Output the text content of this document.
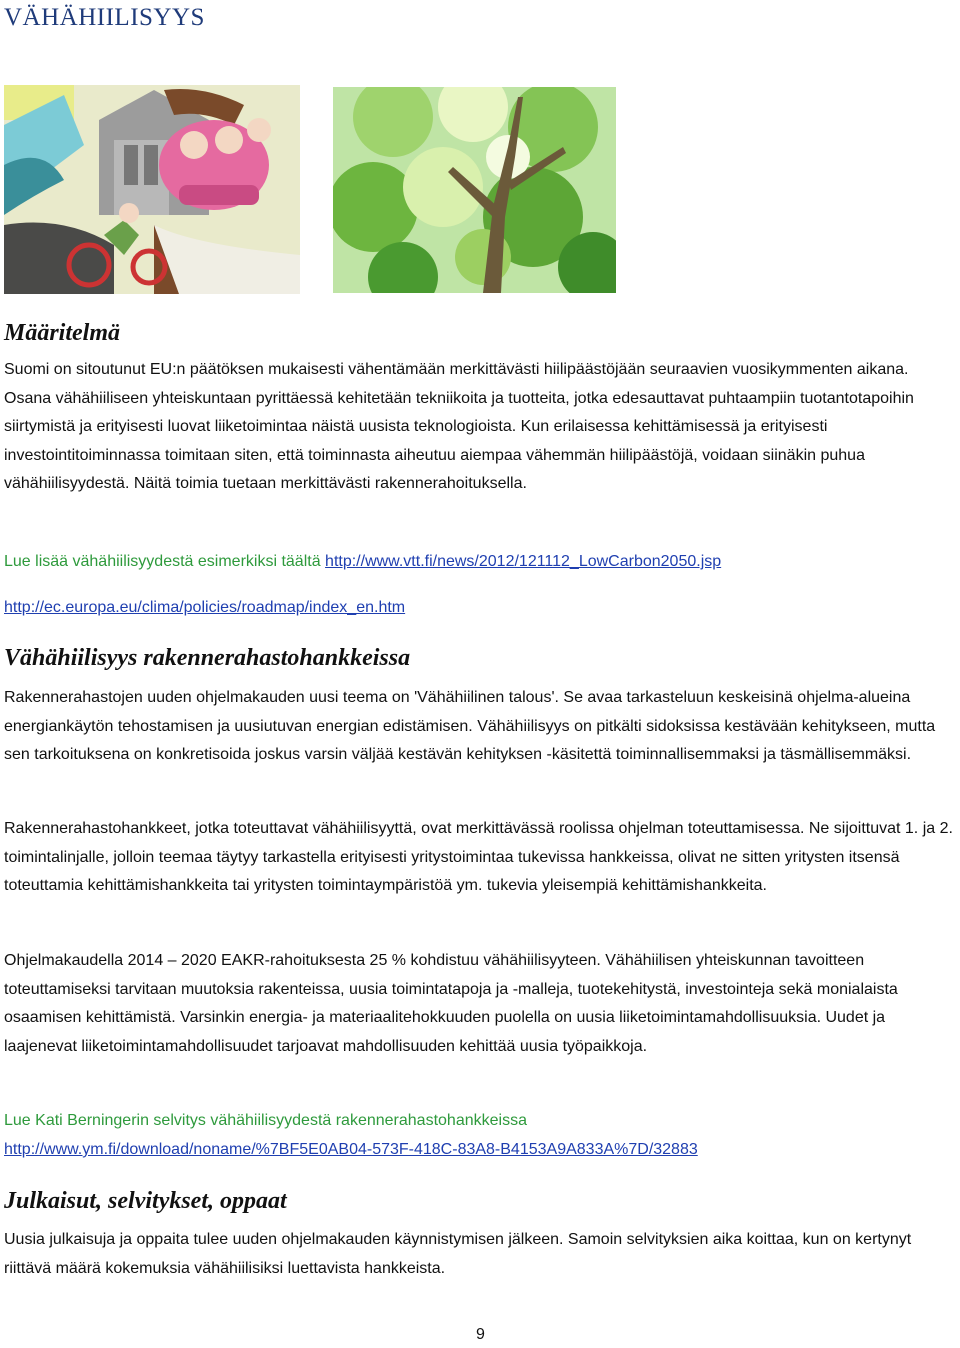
VÄHÄHIILISYYS
Määritelmä

Suomi on sitoutunut EU:n päätöksen mukaisesti vähentämään merkittävästi hiilipäästöjään seuraavien vuosikymmenten aikana. Osana vähähiiliseen yhteiskuntaan pyrittäessä kehitetään tekniikoita ja tuotteita, jotka edesauttavat puhtaampiin tuotantotapoihin siirtymistä ja erityisesti luovat liiketoimintaa näistä uusista teknologioista. Kun erilaisessa kehittämisessä ja erityisesti investointitoiminnassa toimitaan siten, että toiminnasta aiheutuu aiempaa vähemmän hiilipäästöjä, voidaan siinäkin puhua vähähiilisyydestä. Näitä toimia tuetaan merkittävästi rakennerahoituksella.

Lue lisää vähähiilisyydestä esimerkiksi täältä http://www.vtt.fi/news/2012/121112_LowCarbon2050.jsp

http://ec.europa.eu/clima/policies/roadmap/index_en.htm

Vähähiilisyys rakennerahastohankkeissa

Rakennerahastojen uuden ohjelmakauden uusi teema on 'Vähähiilinen talous'. Se avaa tarkasteluun keskeisinä ohjelma-alueina energiankäytön tehostamisen ja uusiutuvan energian edistämisen. Vähähiilisyys on pitkälti sidoksissa kestävään kehitykseen, mutta sen tarkoituksena on konkretisoida joskus varsin väljää kestävän kehityksen -käsitettä toiminnallisemmaksi ja täsmällisemmäksi.

Rakennerahastohankkeet, jotka toteuttavat vähähiilisyyttä, ovat merkittävässä roolissa ohjelman toteuttamisessa. Ne sijoittuvat 1. ja 2. toimintalinjalle, jolloin teemaa täytyy tarkastella erityisesti yritystoimintaa tukevissa hankkeissa, olivat ne sitten yritysten itsensä toteuttamia kehittämishankkeita tai yritysten toimintaympäristöä ym. tukevia yleisempiä kehittämishankkeita.

Ohjelmakaudella 2014 – 2020 EAKR-rahoituksesta 25 % kohdistuu vähähiilisyyteen. Vähähiilisen yhteiskunnan tavoitteen toteuttamiseksi tarvitaan muutoksia rakenteissa, uusia toimintatapoja ja -malleja, tuotekehitystä, investointeja sekä monialaista osaamisen kehittämistä. Varsinkin energia- ja materiaalitehokkuuden puolella on uusia liiketoimintamahdollisuuksia. Uudet ja laajenevat liiketoimintamahdollisuudet tarjoavat mahdollisuuden kehittää uusia työpaikkoja.

Lue Kati Berningerin selvitys vähähiilisyydestä rakennerahastohankkeissa

http://www.ym.fi/download/noname/%7BF5E0AB04-573F-418C-83A8-B4153A9A833A%7D/32883

Julkaisut, selvitykset, oppaat

Uusia julkaisuja ja oppaita tulee uuden ohjelmakauden käynnistymisen jälkeen. Samoin selvityksien aika koittaa, kun on kertynyt riittävä määrä kokemuksia vähähiilisiksi luettavista hankkeista.

9
